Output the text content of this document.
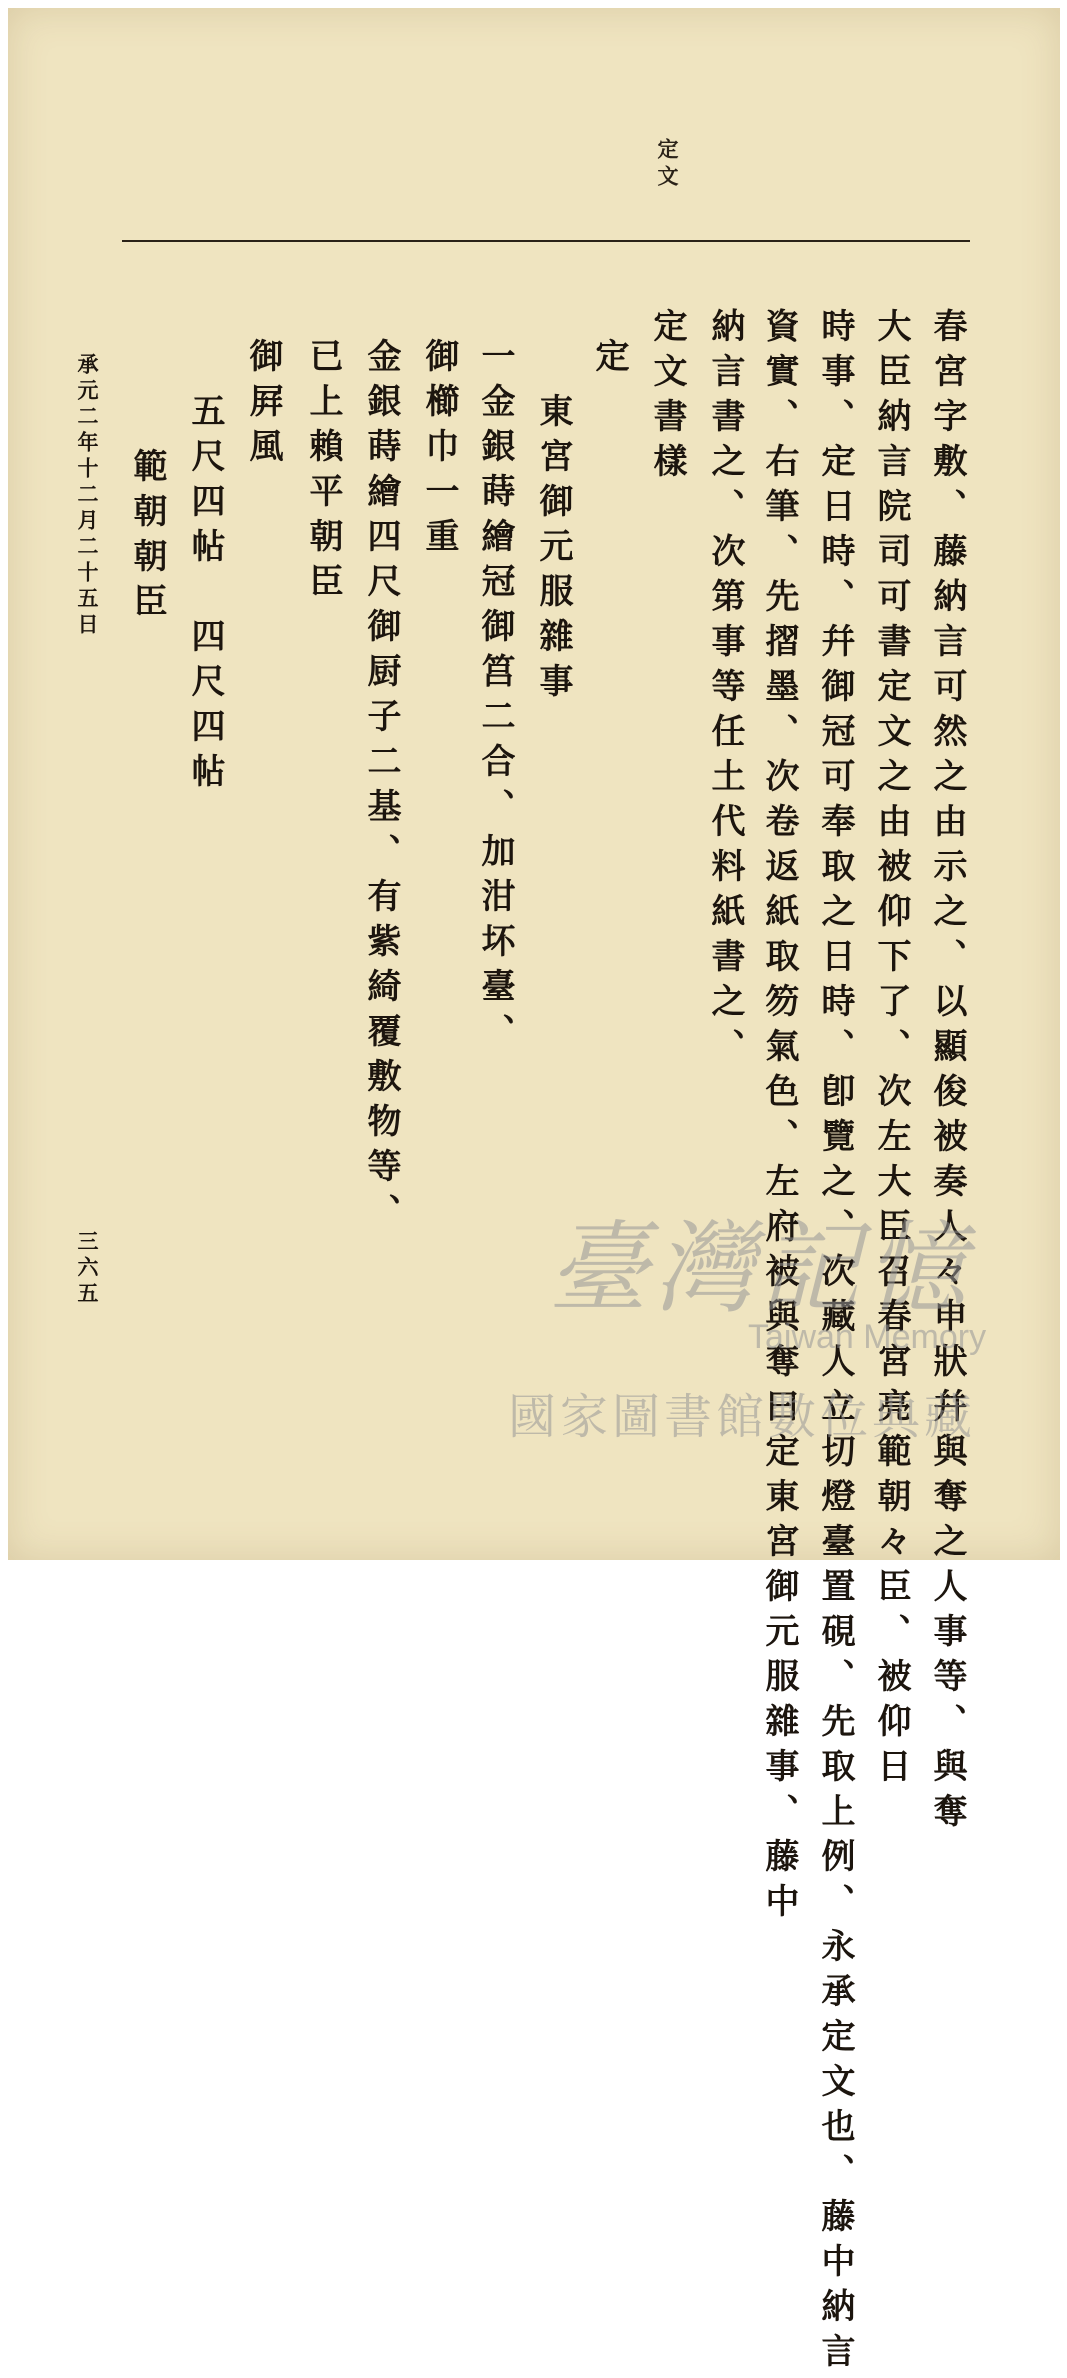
定文
春宮字敷、藤納言可然之由示之、以顯俊被奏人々申狀幷與奪之人事等、與奪
大臣納言院司可書定文之由被仰下了、次左大臣召春宮亮範朝々臣、被仰日
時事、定日時、幷御冠可奉取之日時、卽覽之、次藏人立切燈臺置硯、先取上例、永承定文也、藤中納言
資實、右筆、先摺墨、次卷返紙取笏氣色、左府被與奪曰定東宮御元服雜事、藤中
納言書之、次第事等任土代料紙書之、
定文書樣
定
東宮御元服雜事
一金銀蒔繪冠御筥二合、加泔坏臺、
御櫛巾一重
金銀蒔繪四尺御厨子二基、有紫綺覆敷物等、
已上賴平朝臣
御屛風
五尺四帖　四尺四帖
範朝朝臣
承元二年十二月二十五日
三六五	臺灣記憶
Taiwan Memory
國家圖書館數位典藏
